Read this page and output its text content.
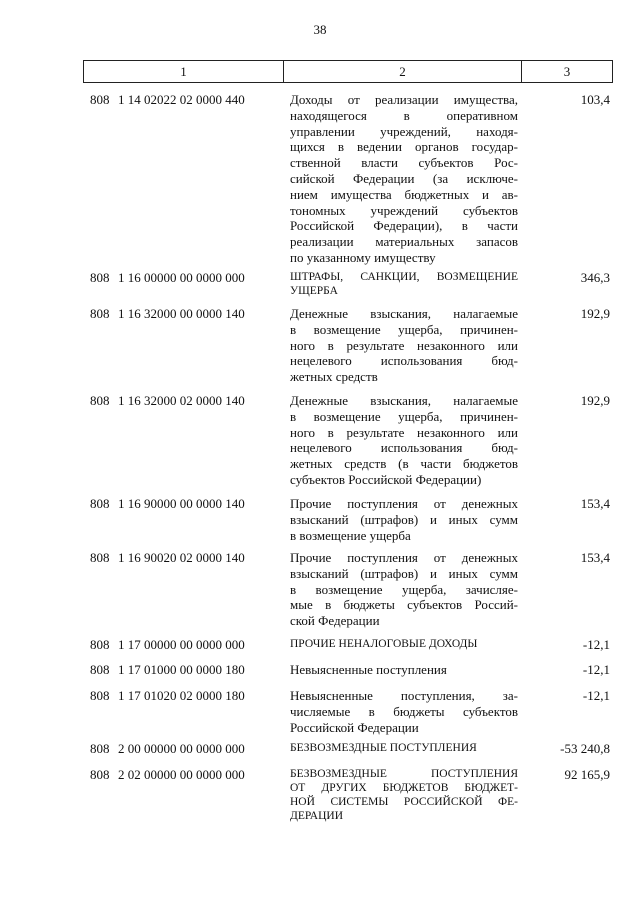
38
1	2	3
808 1 14 02022 02 0000 440	Доходы от реализации имущества,
находящегося в оперативном
управлении учреждений, находя-
щихся в ведении органов государ-
ственной власти субъектов Рос-
сийской Федерации (за исключе-
нием имущества бюджетных и ав-
тономных учреждений субъектов
Российской Федерации), в части
реализации материальных запасов
по указанному имуществу
103,4
808 1 16 00000 00 0000 000	ШТРАФЫ, САНКЦИИ, ВОЗМЕЩЕНИЕ
УЩЕРБА
346,3
808 1 16 32000 00 0000 140	Денежные взыскания, налагаемые
в возмещение ущерба, причинен-
ного в результате незаконного или
нецелевого использования бюд-
жетных средств
192,9
808 1 16 32000 02 0000 140	Денежные взыскания, налагаемые
в возмещение ущерба, причинен-
ного в результате незаконного или
нецелевого использования бюд-
жетных средств (в части бюджетов
субъектов Российской Федерации)
192,9
808 1 16 90000 00 0000 140	Прочие поступления от денежных
взысканий (штрафов) и иных сумм
в возмещение ущерба
153,4
808 1 16 90020 02 0000 140	Прочие поступления от денежных
взысканий (штрафов) и иных сумм
в возмещение ущерба, зачисляе-
мые в бюджеты субъектов Россий-
ской Федерации
153,4
808 1 17 00000 00 0000 000	ПРОЧИЕ НЕНАЛОГОВЫЕ ДОХОДЫ	-12,1
808 1 17 01000 00 0000 180	Невыясненные поступления	-12,1
808 1 17 01020 02 0000 180	Невыясненные поступления, за-
числяемые в бюджеты субъектов
Российской Федерации
-12,1
808 2 00 00000 00 0000 000	БЕЗВОЗМЕЗДНЫЕ ПОСТУПЛЕНИЯ	-53 240,8
808 2 02 00000 00 0000 000	БЕЗВОЗМЕЗДНЫЕ ПОСТУПЛЕНИЯ
ОТ ДРУГИХ БЮДЖЕТОВ БЮДЖЕТ-
НОЙ СИСТЕМЫ РОССИЙСКОЙ ФЕ-
ДЕРАЦИИ
92 165,9
